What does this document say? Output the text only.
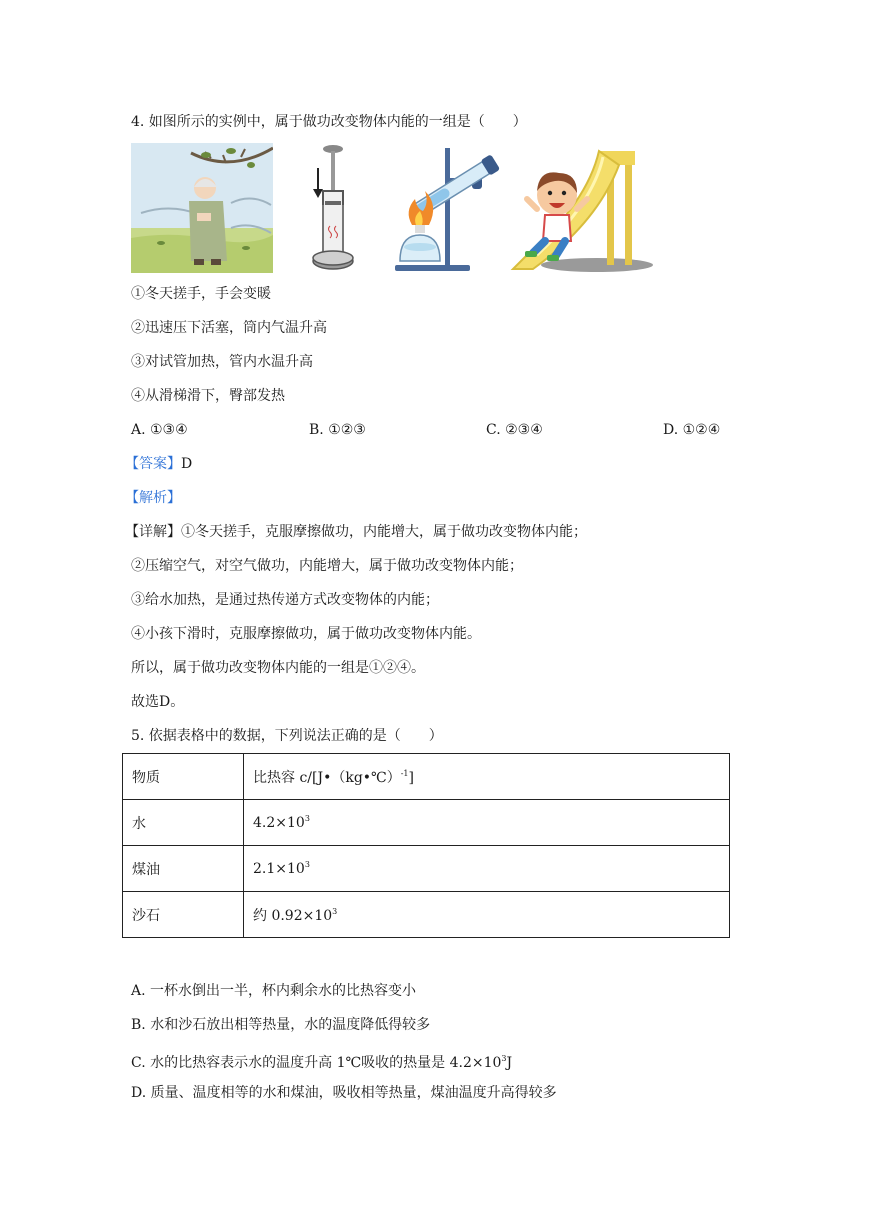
4. 如图所示的实例中，属于做功改变物体内能的一组是（　　）
①冬天搓手，手会变暖
②迅速压下活塞，筒内气温升高
③对试管加热，管内水温升高
④从滑梯滑下，臀部发热
A. ①③④	B. ①②③	C. ②③④	D. ①②④
【答案】D
【解析】
【详解】①冬天搓手，克服摩擦做功，内能增大，属于做功改变物体内能；
②压缩空气，对空气做功，内能增大，属于做功改变物体内能；
③给水加热，是通过热传递方式改变物体的内能；
④小孩下滑时，克服摩擦做功，属于做功改变物体内能。
所以，属于做功改变物体内能的一组是①②④。
故选D。
5. 依据表格中的数据，下列说法正确的是（　　）
物质	比热容 c/[J•（kg•℃）$^{-1}$]
水	$4.2\times 10^3$
煤油	$2.1\times 10^3$
沙石	约 $0.92\times 10^3$
A. 一杯水倒出一半，杯内剩余水的比热容变小
B. 水和沙石放出相等热量，水的温度降低得较多
C. 水的比热容表示水的温度升高 1℃吸收的热量是 $4.2\times 10^3J$
D. 质量、温度相等的水和煤油，吸收相等热量，煤油温度升高得较多
